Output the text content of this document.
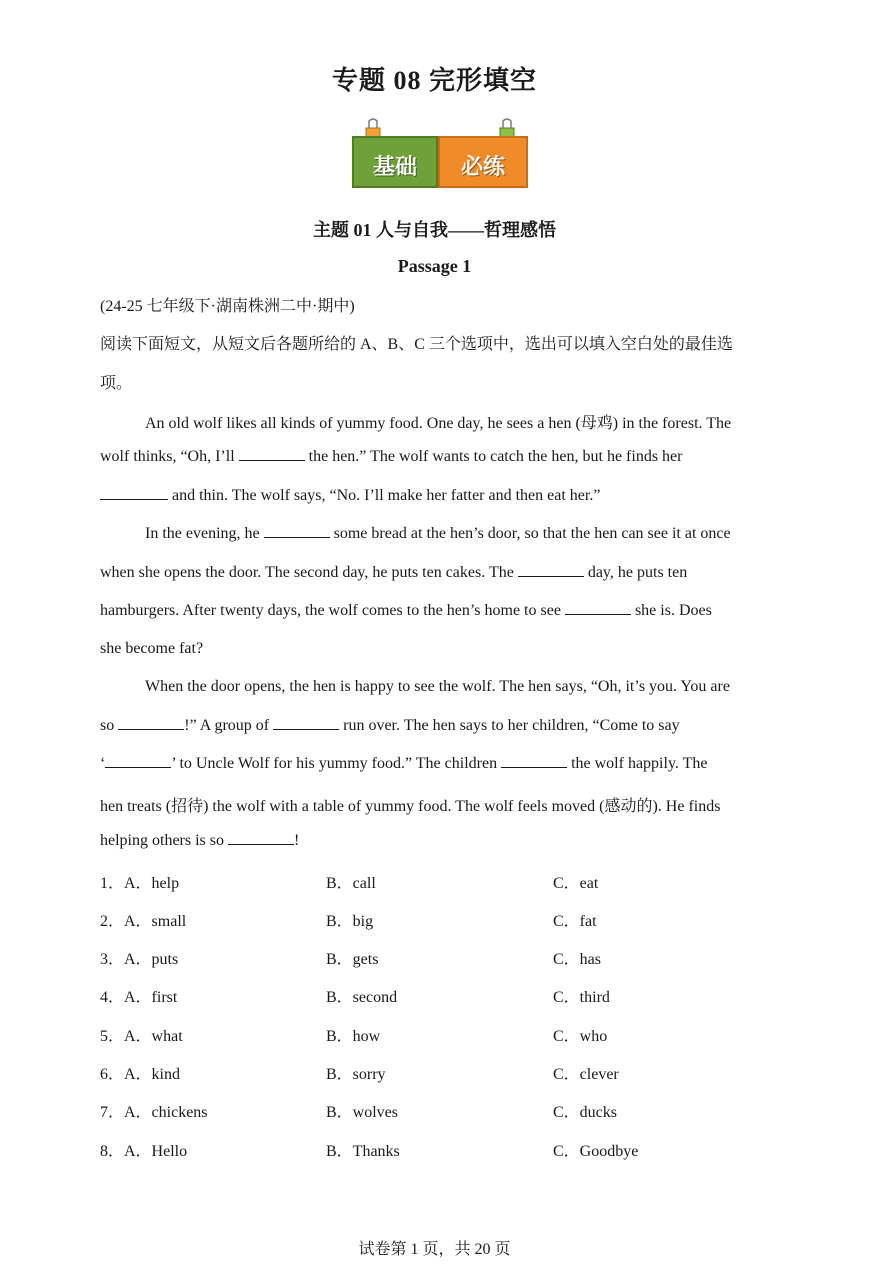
专题 08 完形填空
基础	必练
主题 01 人与自我——哲理感悟
Passage 1
(24-25 七年级下·湖南株洲二中·期中)
阅读下面短文，从短文后各题所给的 A、B、C 三个选项中，选出可以填入空白处的最佳选
项。
An old wolf likes all kinds of yummy food. One day, he sees a hen (母鸡) in the forest. The
wolf thinks, “Oh, I’ll	the hen.” The wolf wants to catch the hen, but he finds her
and thin. The wolf says, “No. I’ll make her fatter and then eat her.”
In the evening, he	some bread at the hen’s door, so that the hen can see it at once
when she opens the door. The second day, he puts ten cakes. The	day, he puts ten
hamburgers. After twenty days, the wolf comes to the hen’s home to see	she is. Does
she become fat?
When the door opens, the hen is happy to see the wolf. The hen says, “Oh, it’s you. You are
so	!” A group of	run over. The hen says to her children, “Come to say
‘	’ to Uncle Wolf for his yummy food.” The children	the wolf happily. The
hen treats (招待) the wolf with a table of yummy food. The wolf feels moved (感动的). He finds
helping others is so	!
1．A．help	B．call	C．eat
2．A．small	B．big	C．fat
3．A．puts	B．gets	C．has
4．A．first	B．second	C．third
5．A．what	B．how	C．who
6．A．kind	B．sorry	C．clever
7．A．chickens	B．wolves	C．ducks
8．A．Hello	B．Thanks	C．Goodbye
试卷第 1 页，共 20 页
